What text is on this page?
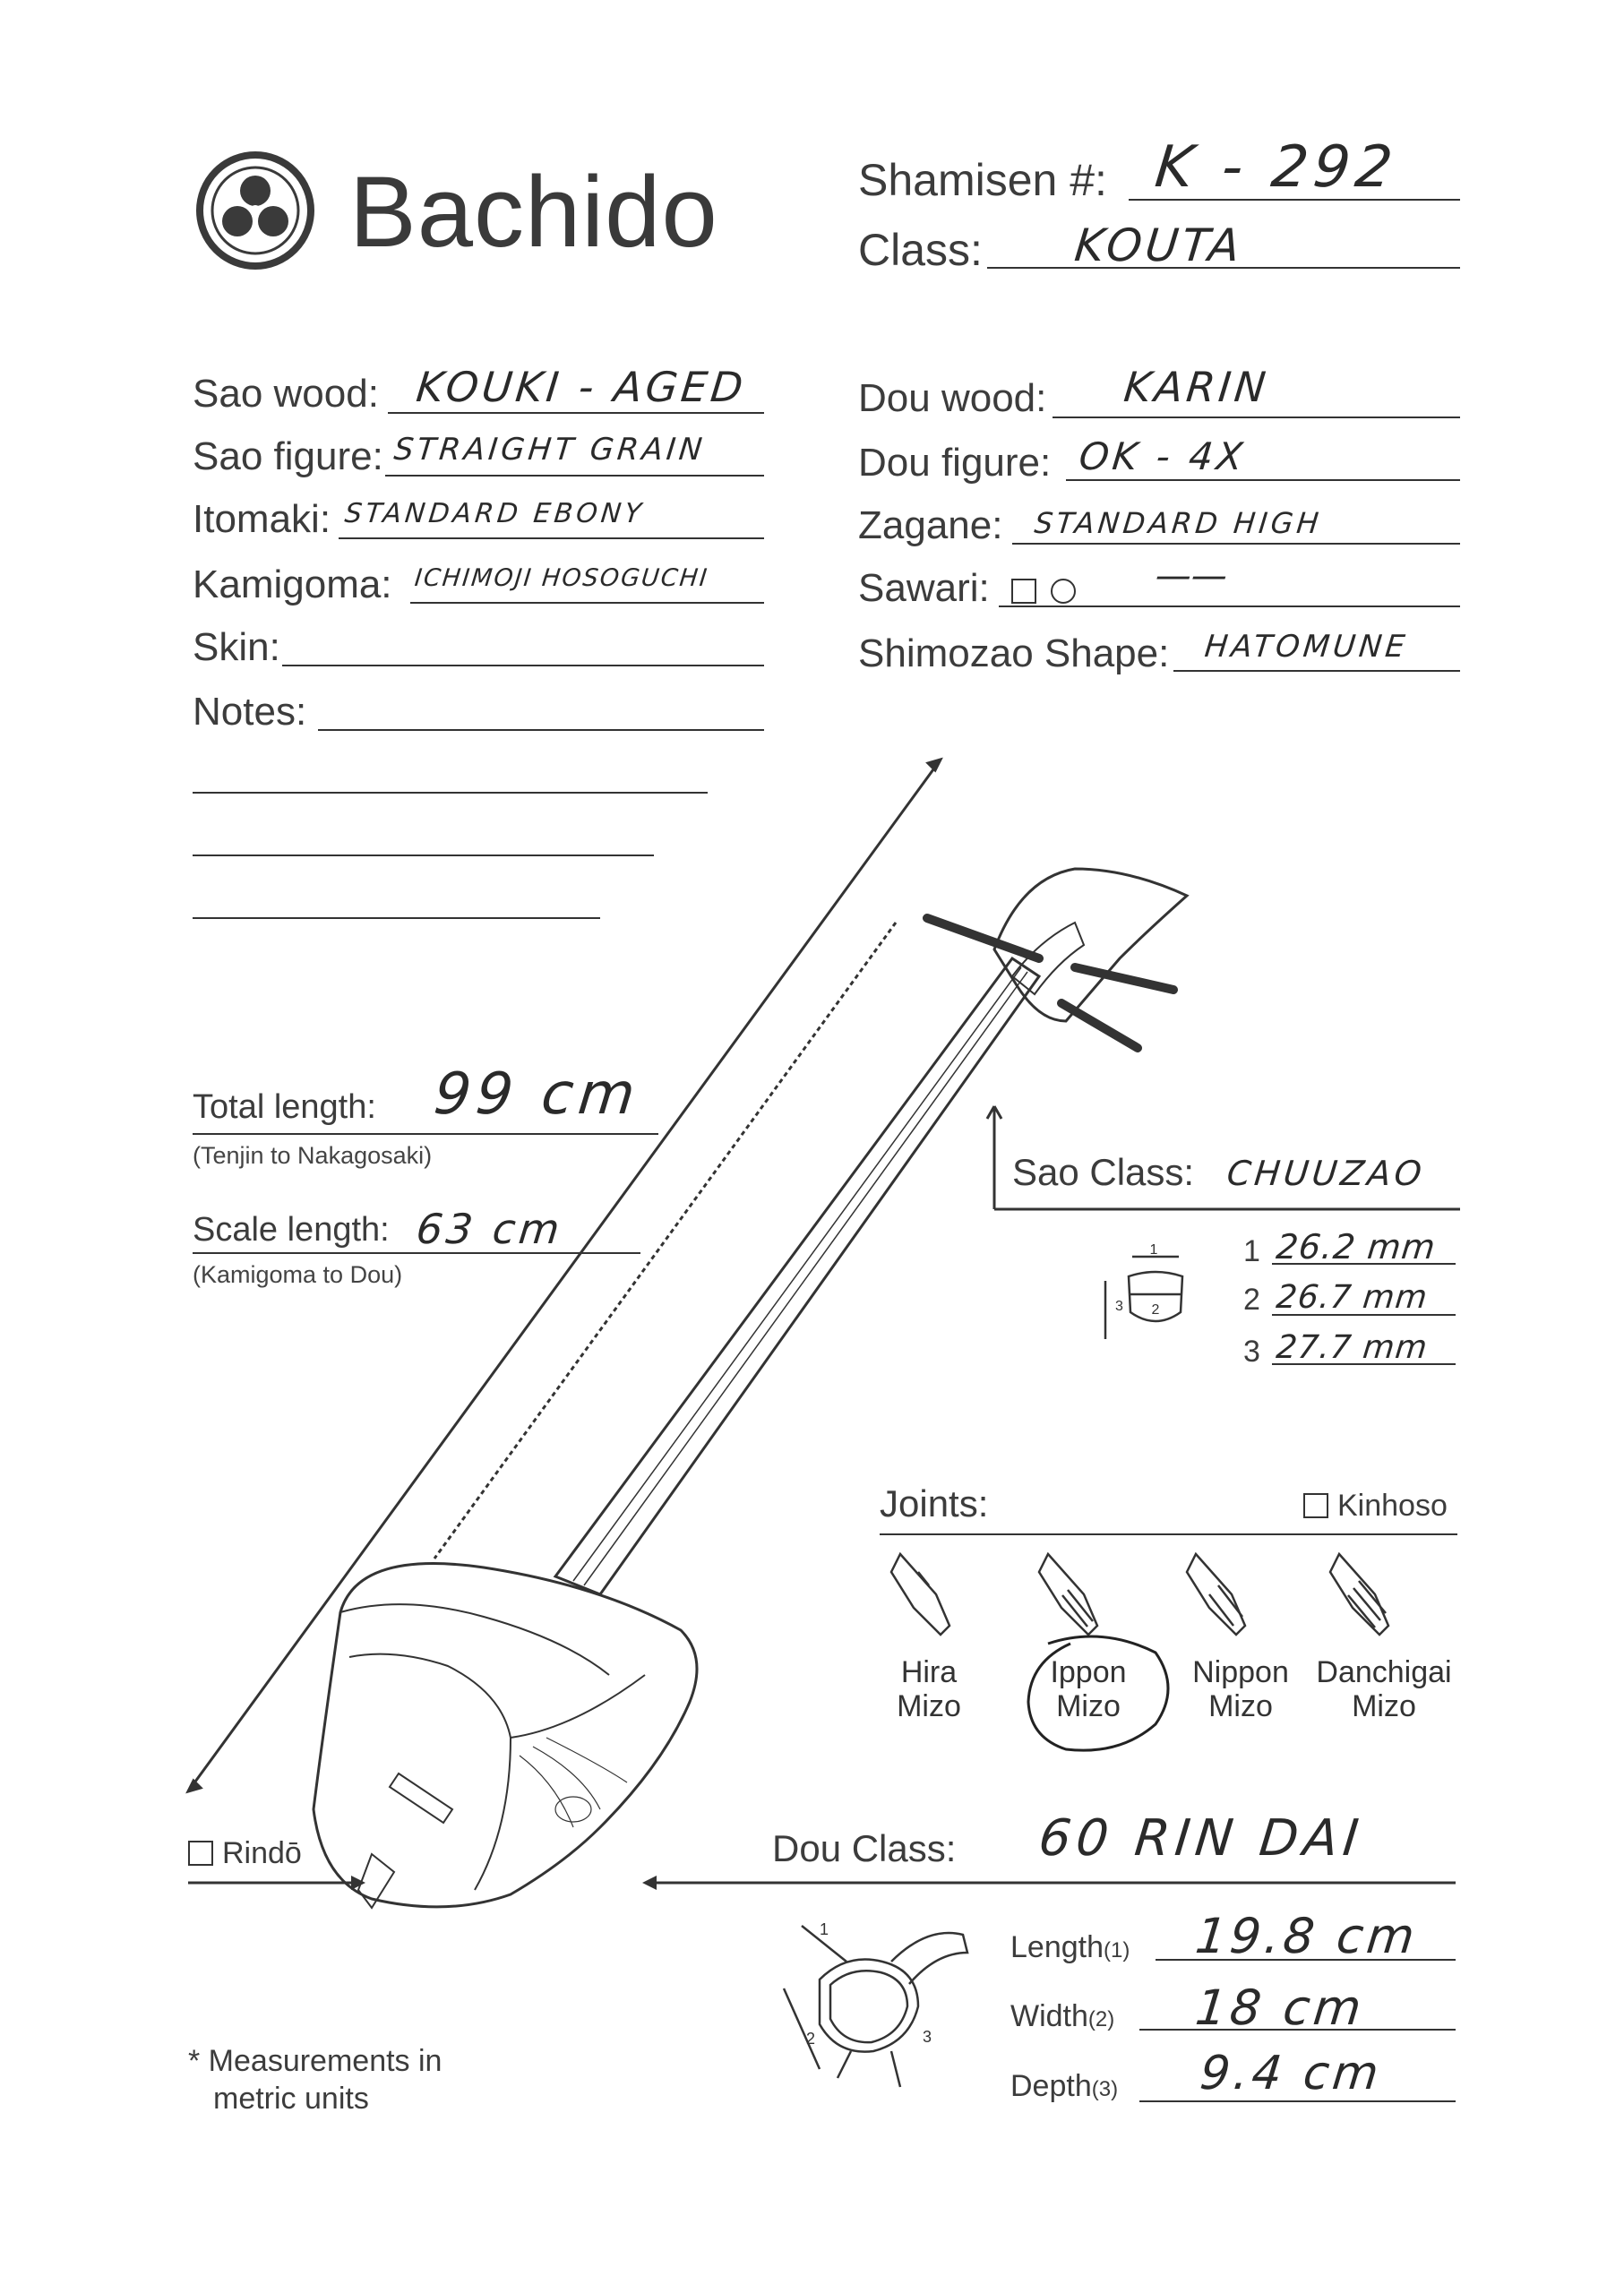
Bachido	Shamisen #: K - 292
Class: KOUTA
Sao wood: KOUKI - AGED
Sao figure: STRAIGHT GRAIN
Itomaki: STANDARD EBONY
Kamigoma: ICHIMOJI HOSOGUCHI
Skin:
Notes:
Dou wood: KARIN
Dou figure: OK - 4X
Zagane: STANDARD HIGH
Sawari:	——
Shimozao Shape: HATOMUNE
Total length: 99 cm
(Tenjin to Nakagosaki)
Scale length: 63 cm
(Kamigoma to Dou)
Sao Class: CHUUZAO
1
3 2
1 26.2 mm
2 26.7 mm
3 27.7 mm
Joints:	Kinhoso
Hira
Mizo
Ippon
Mizo
Nippon
Mizo
Danchigai
Mizo
Rindō	Dou Class: 60 RIN DAI
1
2	3
Length(1) 19.8 cm
Width(2) 18 cm
Depth(3) 9.4 cm
* Measurements in
metric units
